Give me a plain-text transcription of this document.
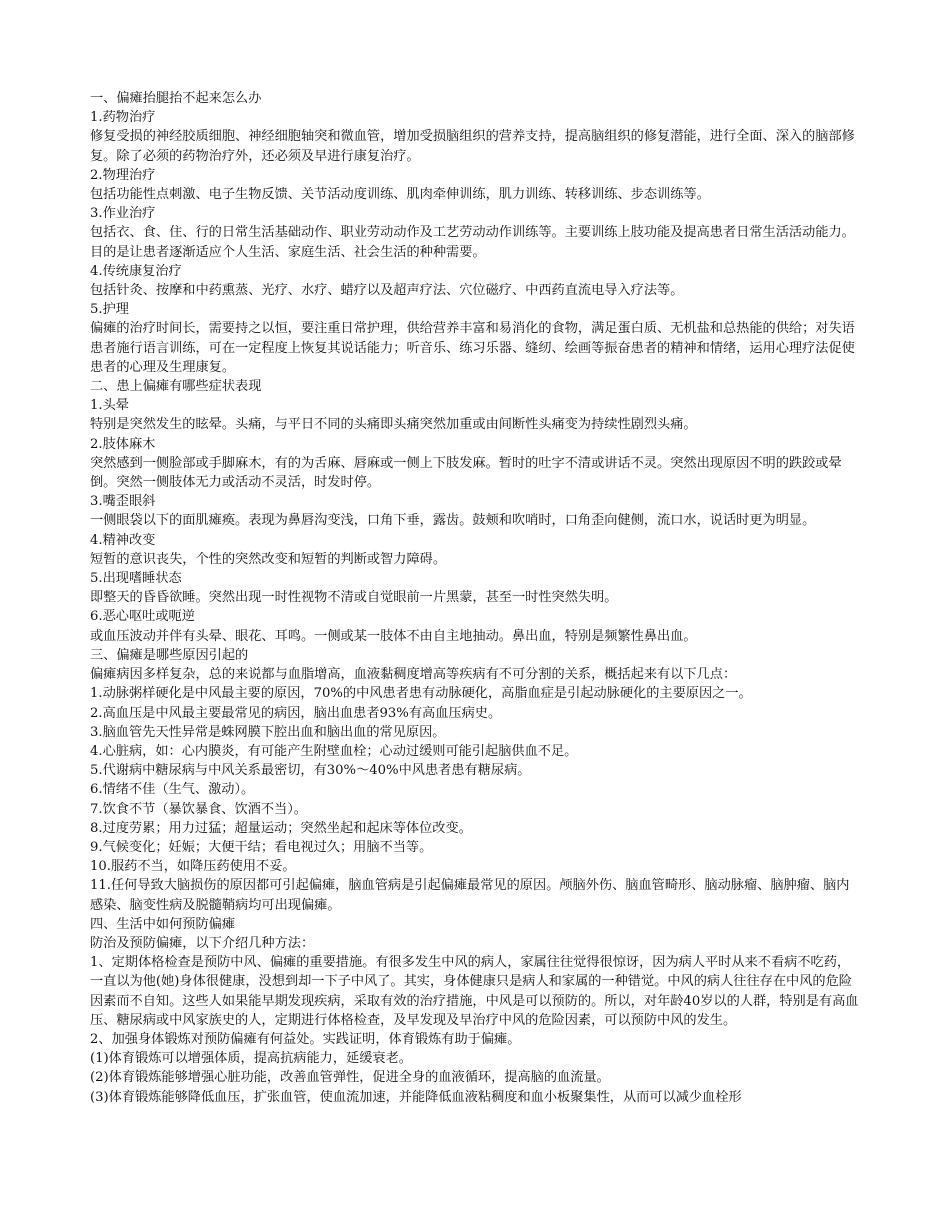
一、偏瘫抬腿抬不起来怎么办

1.药物治疗

修复受损的神经胶质细胞、神经细胞轴突和微血管，增加受损脑组织的营养支持，提高脑组织的修复潜能，进行全面、深入的脑部修复。除了必须的药物治疗外，还必须及早进行康复治疗。

2.物理治疗

包括功能性点刺激、电子生物反馈、关节活动度训练、肌肉牵伸训练，肌力训练、转移训练、步态训练等。

3.作业治疗

包括衣、食、住、行的日常生活基础动作、职业劳动动作及工艺劳动动作训练等。主要训练上肢功能及提高患者日常生活活动能力。目的是让患者逐渐适应个人生活、家庭生活、社会生活的种种需要。

4.传统康复治疗

包括针灸、按摩和中药熏蒸、光疗、水疗、蜡疗以及超声疗法、穴位磁疗、中西药直流电导入疗法等。

5.护理

偏瘫的治疗时间长，需要持之以恒，要注重日常护理，供给营养丰富和易消化的食物，满足蛋白质、无机盐和总热能的供给；对失语患者施行语言训练，可在一定程度上恢复其说话能力；听音乐、练习乐器、缝纫、绘画等振奋患者的精神和情绪，运用心理疗法促使患者的心理及生理康复。

二、患上偏瘫有哪些症状表现

1.头晕

特别是突然发生的眩晕。头痛，与平日不同的头痛即头痛突然加重或由间断性头痛变为持续性剧烈头痛。

2.肢体麻木

突然感到一侧脸部或手脚麻木，有的为舌麻、唇麻或一侧上下肢发麻。暂时的吐字不清或讲话不灵。突然出现原因不明的跌跤或晕倒。突然一侧肢体无力或活动不灵活，时发时停。

3.嘴歪眼斜

一侧眼袋以下的面肌瘫痪。表现为鼻唇沟变浅，口角下垂，露齿。鼓颊和吹哨时，口角歪向健侧，流口水，说话时更为明显。

4.精神改变

短暂的意识丧失，个性的突然改变和短暂的判断或智力障碍。

5.出现嗜睡状态

即整天的昏昏欲睡。突然出现一时性视物不清或自觉眼前一片黑蒙，甚至一时性突然失明。

6.恶心呕吐或呃逆

或血压波动并伴有头晕、眼花、耳鸣。一侧或某一肢体不由自主地抽动。鼻出血，特别是频繁性鼻出血。

三、偏瘫是哪些原因引起的

偏瘫病因多样复杂，总的来说都与血脂增高，血液黏稠度增高等疾病有不可分割的关系，概括起来有以下几点：

1.动脉粥样硬化是中风最主要的原因，70%的中风患者患有动脉硬化，高脂血症是引起动脉硬化的主要原因之一。

2.高血压是中风最主要最常见的病因，脑出血患者93%有高血压病史。

3.脑血管先天性异常是蛛网膜下腔出血和脑出血的常见原因。

4.心脏病，如：心内膜炎，有可能产生附壁血栓；心动过缓则可能引起脑供血不足。

5.代谢病中糖尿病与中风关系最密切，有30%～40%中风患者患有糖尿病。

6.情绪不佳（生气、激动）。

7.饮食不节（暴饮暴食、饮酒不当）。

8.过度劳累；用力过猛；超量运动；突然坐起和起床等体位改变。

9.气候变化；妊娠；大便干结；看电视过久；用脑不当等。

10.服药不当，如降压药使用不妥。

11.任何导致大脑损伤的原因都可引起偏瘫，脑血管病是引起偏瘫最常见的原因。颅脑外伤、脑血管畸形、脑动脉瘤、脑肿瘤、脑内感染、脑变性病及脱髓鞘病均可出现偏瘫。

四、生活中如何预防偏瘫

防治及预防偏瘫，以下介绍几种方法：

1、定期体格检查是预防中风、偏瘫的重要措施。有很多发生中风的病人，家属往往觉得很惊讶，因为病人平时从来不看病不吃药，一直以为他(她)身体很健康，没想到却一下子中风了。其实，身体健康只是病人和家属的一种错觉。中风的病人往往存在中风的危险因素而不自知。这些人如果能早期发现疾病，采取有效的治疗措施，中风是可以预防的。所以，对年龄40岁以的人群，特别是有高血压、糖尿病或中风家族史的人，定期进行体格检查，及早发现及早治疗中风的危险因素，可以预防中风的发生。

2、加强身体锻炼对预防偏瘫有何益处。实践证明，体育锻炼有助于偏瘫。

(1)体育锻炼可以增强体质，提高抗病能力，延缓衰老。

(2)体育锻炼能够增强心脏功能，改善血管弹性，促进全身的血液循环，提高脑的血流量。

(3)体育锻炼能够降低血压，扩张血管，使血流加速，并能降低血液粘稠度和血小板聚集性，从而可以减少血栓形
